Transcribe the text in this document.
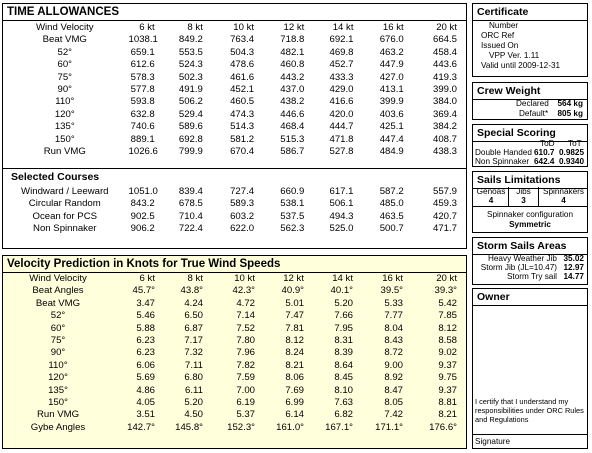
TIME ALLOWANCES
Wind Velocity	6 kt	8 kt	10 kt	12 kt	14 kt	16 kt	20 kt
Beat VMG	1038.1	849.2	763.4	718.8	692.1	676.0	664.5
52°	659.1	553.5	504.3	482.1	469.8	463.2	458.4
60°	612.6	524.3	478.6	460.8	452.7	447.9	443.6
75°	578.3	502.3	461.6	443.2	433.3	427.0	419.3
90°	577.8	491.9	452.1	437.0	429.0	413.1	399.0
110°	593.8	506.2	460.5	438.2	416.6	399.9	384.0
120°	632.8	529.4	474.3	446.6	420.0	403.6	369.4
135°	740.6	589.6	514.3	468.4	444.7	425.1	384.2
150°	889.1	692.8	581.2	515.3	471.8	447.4	408.7
Run VMG	1026.6	799.9	670.4	586.7	527.8	484.9	438.3
Selected Courses
Windward / Leeward	1051.0	839.4	727.4	660.9	617.1	587.2	557.9
Circular Random	843.2	678.5	589.3	538.1	506.1	485.0	459.3
Ocean for PCS	902.5	710.4	603.2	537.5	494.3	463.5	420.7
Non Spinnaker	906.2	722.4	622.0	562.3	525.0	500.7	471.7
Velocity Prediction in Knots for True Wind Speeds
Wind Velocity	6 kt	8 kt	10 kt	12 kt	14 kt	16 kt	20 kt
Beat Angles	45.7°	43.8°	42.3°	40.9°	40.1°	39.5°	39.3°
Beat VMG	3.47	4.24	4.72	5.01	5.20	5.33	5.42
52°	5.46	6.50	7.14	7.47	7.66	7.77	7.85
60°	5.88	6.87	7.52	7.81	7.95	8.04	8.12
75°	6.23	7.17	7.80	8.12	8.31	8.43	8.58
90°	6.23	7.32	7.96	8.24	8.39	8.72	9.02
110°	6.06	7.11	7.82	8.21	8.64	9.00	9.37
120°	5.69	6.80	7.59	8.06	8.45	8.92	9.75
135°	4.86	6.11	7.00	7.69	8.10	8.47	9.37
150°	4.05	5.20	6.19	6.99	7.63	8.05	8.81
Run VMG	3.51	4.50	5.37	6.14	6.82	7.42	8.21
Gybe Angles	142.7°	145.8°	152.3°	161.0°	167.1°	171.1°	176.6°
Certificate
Number
ORC Ref
Issued On
VPP Ver. 1.11
Valid until 2009-12-31
Crew Weight
Declared 564 kg
Default* 805 kg
Special Scoring
ToD ToT
Double Handed 610.7 0.9825
Non Spinnaker 642.4 0.9340
Sails Limitations
Genoas	Jibs	Spinnakers
4	3	4
Spinnaker configuration
Symmetric
Storm Sails Areas
Heavy Weather Jib 35.02
Storm Jib (JL=10.47) 12.97
Storm Try sail 14.77
Owner
I certify that I understand my
responsibilities under ORC Rules
and Regulations
Signature
